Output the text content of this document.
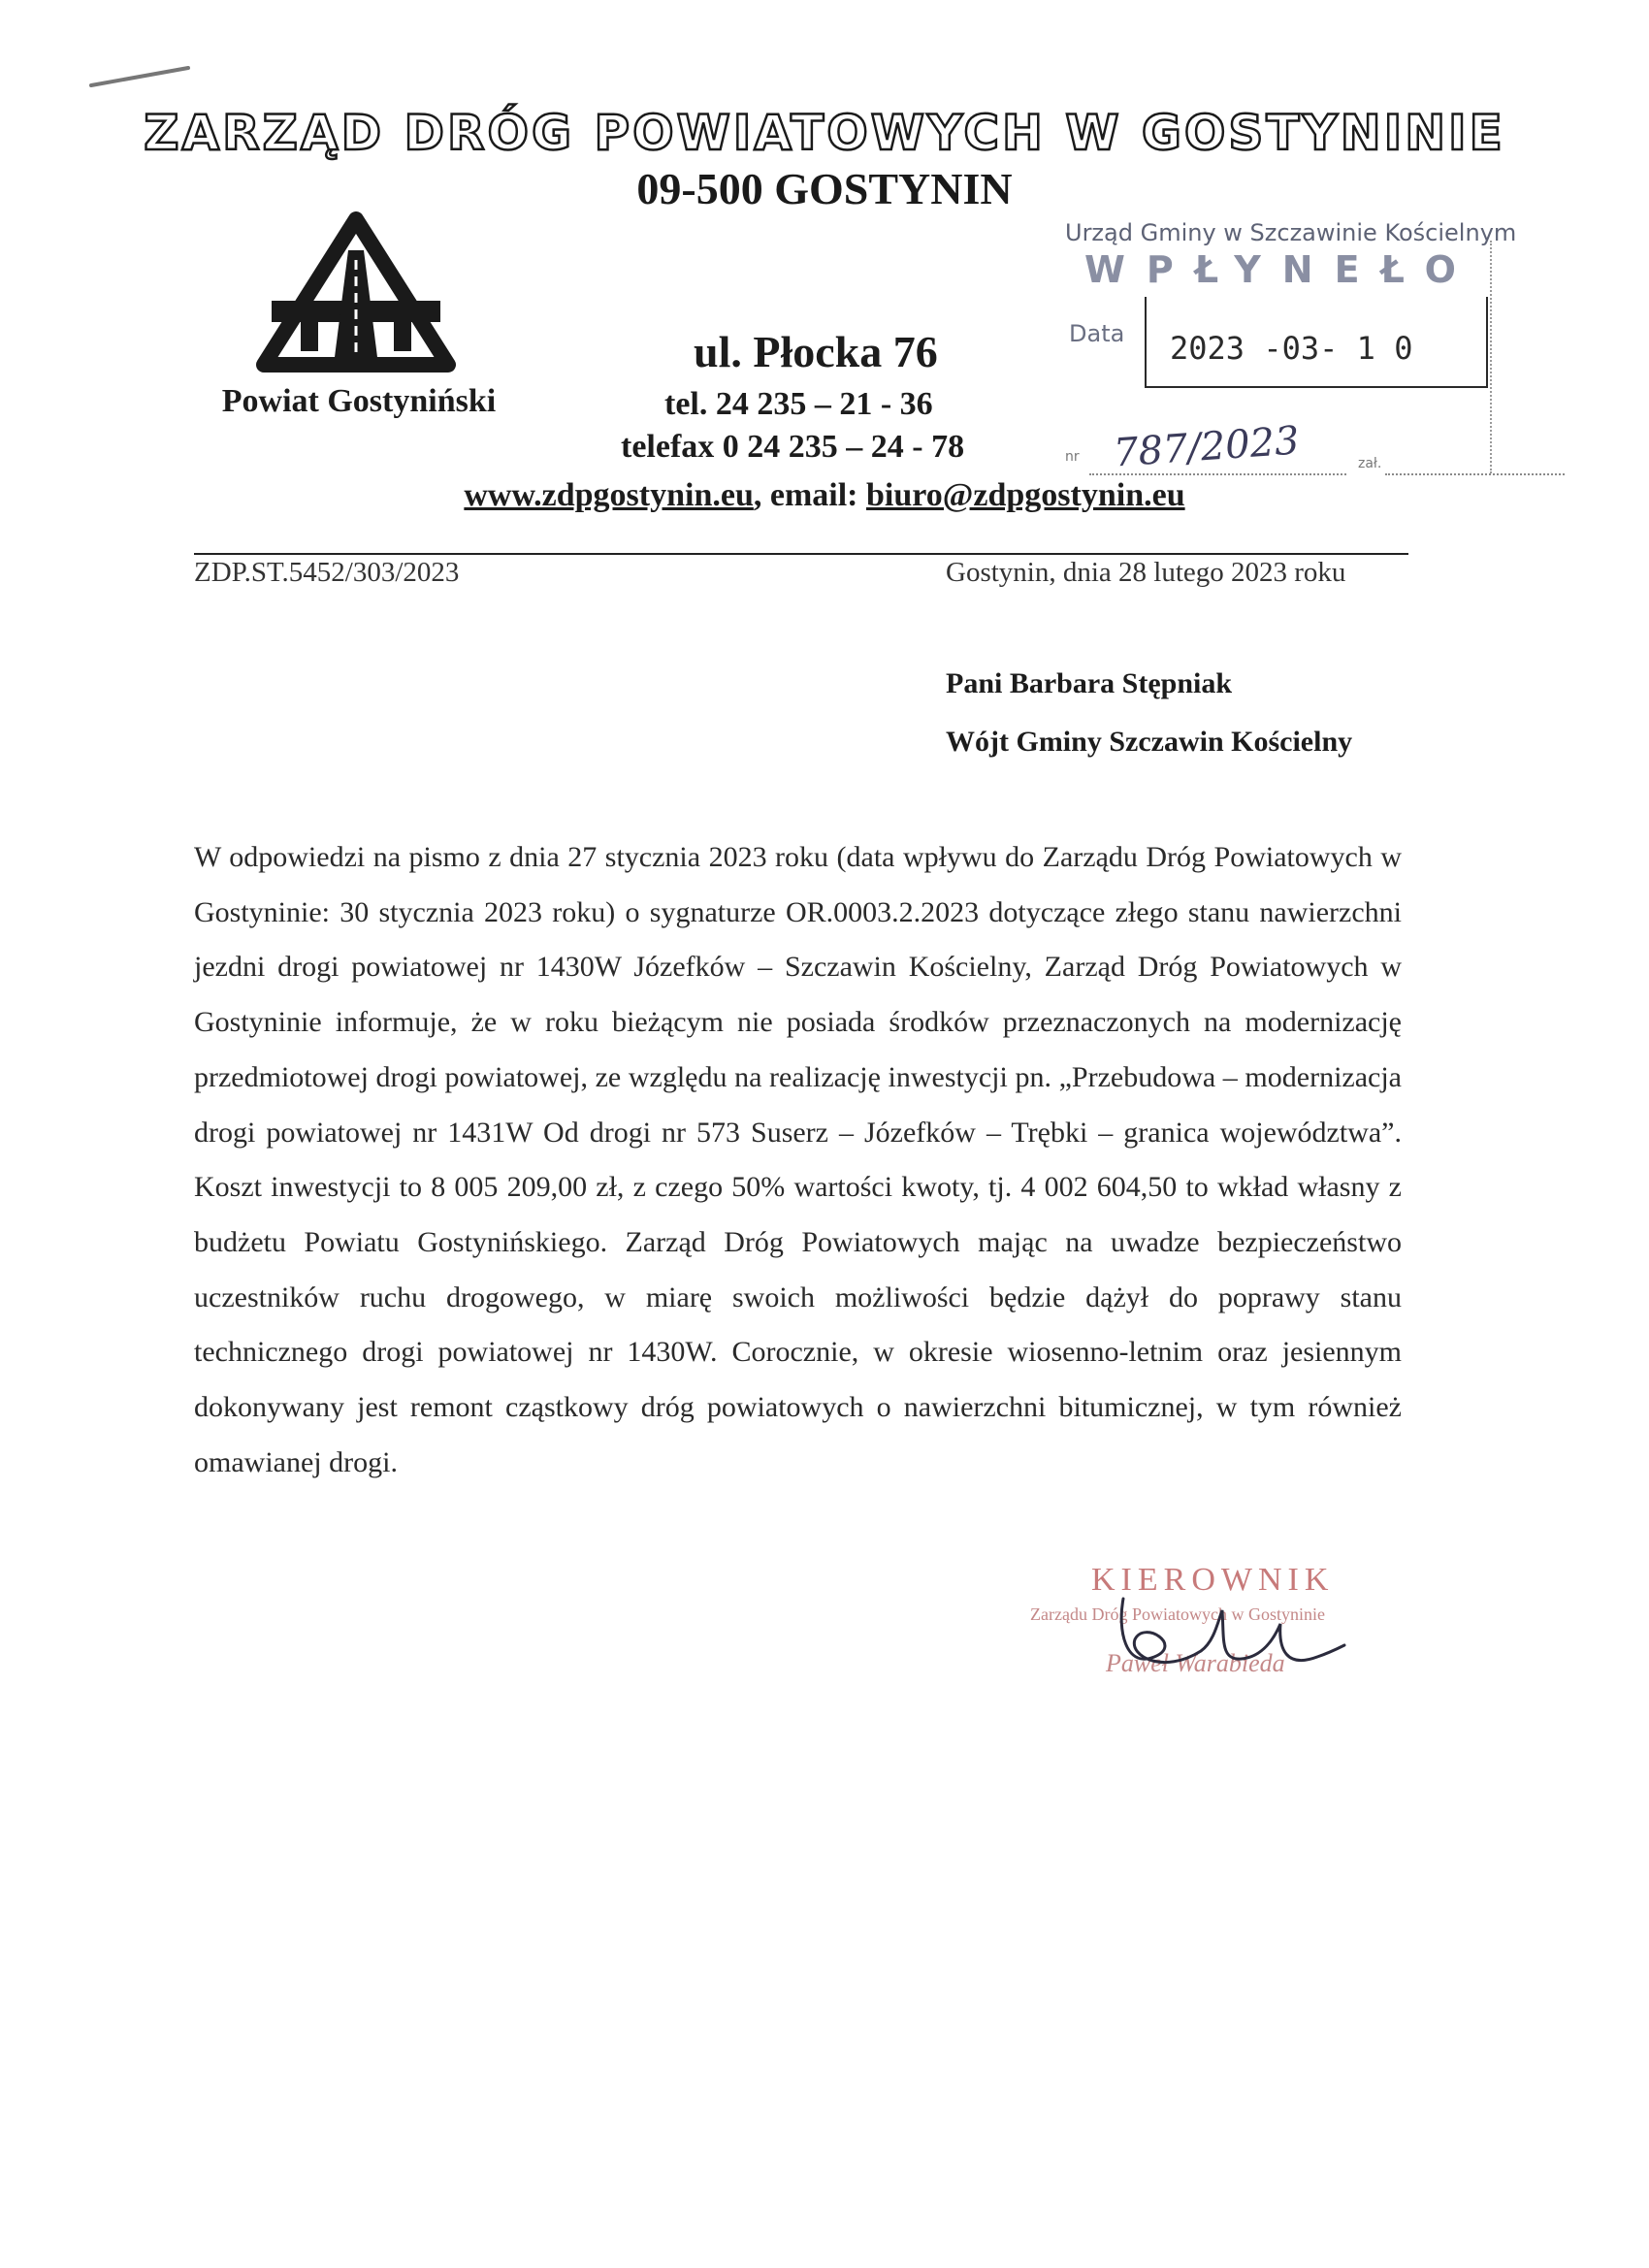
ZARZĄD DRÓG POWIATOWYCH W GOSTYNINIE
09-500 GOSTYNIN
Powiat Gostyniński
ul. Płocka 76
tel. 24 235 – 21 - 36
telefax 0 24 235 – 24 - 78
www.zdpgostynin.eu, email: biuro@zdpgostynin.eu
Urząd Gminy w Szczawinie Kościelnym
WPŁYNEŁO
Data 2023 -03- 1 0
nr 787/2023	zał.
ZDP.ST.5452/303/2023	Gostynin, dnia 28 lutego 2023 roku
Pani Barbara Stępniak
Wójt Gminy Szczawin Kościelny

W odpowiedzi na pismo z dnia 27 stycznia 2023 roku (data wpływu do Zarządu Dróg Powiatowych w Gostyninie: 30 stycznia 2023 roku) o sygnaturze OR.0003.2.2023 dotyczące złego stanu nawierzchni jezdni drogi powiatowej nr 1430W Józefków – Szczawin Kościelny, Zarząd Dróg Powiatowych w Gostyninie informuje, że w roku bieżącym nie posiada środków przeznaczonych na modernizację przedmiotowej drogi powiatowej, ze względu na realizację inwestycji pn. „Przebudowa – modernizacja drogi powiatowej nr 1431W Od drogi nr 573 Suserz – Józefków – Trębki – granica województwa”. Koszt inwestycji to 8 005 209,00 zł, z czego 50% wartości kwoty, tj. 4 002 604,50 to wkład własny z budżetu Powiatu Gostynińskiego. Zarząd Dróg Powiatowych mając na uwadze bezpieczeństwo uczestników ruchu drogowego, w miarę swoich możliwości będzie dążył do poprawy stanu technicznego drogi powiatowej nr 1430W. Corocznie, w okresie wiosenno-letnim oraz jesiennym dokonywany jest remont cząstkowy dróg powiatowych o nawierzchni bitumicznej, w tym również omawianej drogi.

KIEROWNIK
Zarządu Dróg Powiatowych w Gostyninie
Paweł Warabieda
